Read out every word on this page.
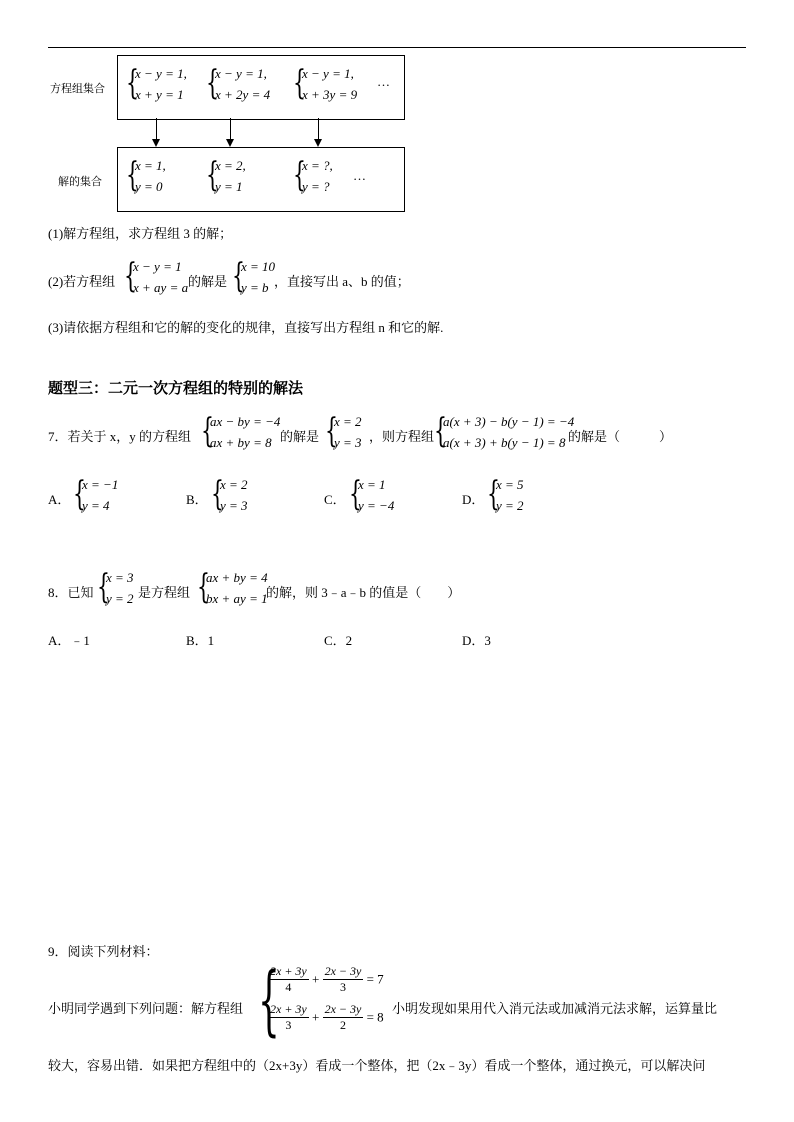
方程组集合
解的集合
{
x − y = 1,
x + y = 1 {
x − y = 1,
x + 2y = 4 {
x − y = 1,
x + 3y = 9
…
{
x = 1,
y = 0 {
x = 2,
y = 1 {
x = ?,
y = ?
…
(1)解方程组，求方程组 3 的解；
(2)若方程组 {
x − y = 1
x + ay = a 的解是 {
x = 10
y = b ，直接写出 a、b 的值；
(3)请依据方程组和它的解的变化的规律，直接写出方程组 n 和它的解.
题型三：二元一次方程组的特别的解法
7．若关于 x，y 的方程组 {
ax − by = −4
ax + by = 8 的解是 {
x = 2
y = 3 ，则方程组 {
a(x + 3) − b(y − 1) = −4
a(x + 3) + b(y − 1) = 8 的解是（　　　）
A． {
x = −1
y = 4	B． {
x = 2
y = 3	C． {
x = 1
y = −4	D． {
x = 5
y = 2
8．已知 {
x = 3
y = 2 是方程组 {
ax + by = 4
bx + ay = 1
的解，则 3﹣a﹣b 的值是（　　）
A．﹣1	B．1	C．2	D．3
9．阅读下列材料：
小明同学遇到下列问题：解方程组 {
$\frac{2x + 3y}{4} + \frac{2x - 3y}{3} = 7$
$\frac{2x + 3y}{3} + \frac{2x - 3y}{2} = 8$
小明发现如果用代入消元法或加减消元法求解，运算量比
较大，容易出错．如果把方程组中的（2x+3y）看成一个整体，把（2x﹣3y）看成一个整体，通过换元，可以解决问
